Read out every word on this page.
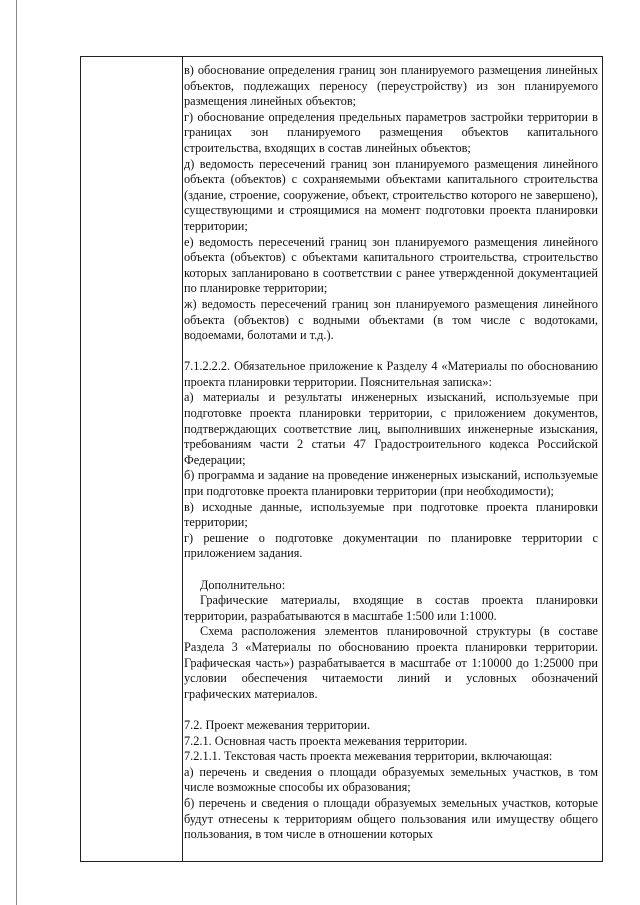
в) обоснование определения границ зон планируемого размещения линейных объектов, подлежащих переносу (переустройству) из зон планируемого размещения линейных объектов;

г) обоснование определения предельных параметров застройки территории в границах зон планируемого размещения объектов капитального строительства, входящих в состав линейных объектов;

д) ведомость пересечений границ зон планируемого размещения линейного объекта (объектов) с сохраняемыми объектами капитального строительства (здание, строение, сооружение, объект, строительство которого не завершено), существующими и строящимися на момент подготовки проекта планировки территории;

е) ведомость пересечений границ зон планируемого размещения линейного объекта (объектов) с объектами капитального строительства, строительство которых запланировано в соответствии с ранее утвержденной документацией по планировке территории;

ж) ведомость пересечений границ зон планируемого размещения линейного объекта (объектов) с водными объектами (в том числе с водотоками, водоемами, болотами и т.д.).

7.1.2.2.2. Обязательное приложение к Разделу 4 «Материалы по обоснованию проекта планировки территории. Пояснительная записка»:

а) материалы и результаты инженерных изысканий, используемые при подготовке проекта планировки территории, с приложением документов, подтверждающих соответствие лиц, выполнивших инженерные изыскания, требованиям части 2 статьи 47 Градостроительного кодекса Российской Федерации;

б) программа и задание на проведение инженерных изысканий, используемые при подготовке проекта планировки территории (при необходимости);

в) исходные данные, используемые при подготовке проекта планировки территории;

г) решение о подготовке документации по планировке территории с приложением задания.

Дополнительно:

Графические материалы, входящие в состав проекта планировки территории, разрабатываются в масштабе 1:500 или 1:1000.

Схема расположения элементов планировочной структуры (в составе Раздела 3 «Материалы по обоснованию проекта планировки территории. Графическая часть») разрабатывается в масштабе от 1:10000 до 1:25000 при условии обеспечения читаемости линий и условных обозначений графических материалов.

7.2. Проект межевания территории.

7.2.1. Основная часть проекта межевания территории.

7.2.1.1. Текстовая часть проекта межевания территории, включающая:

а) перечень и сведения о площади образуемых земельных участков, в том числе возможные способы их образования;

б) перечень и сведения о площади образуемых земельных участков, которые будут отнесены к территориям общего пользования или имуществу общего пользования, в том числе в отношении которых
